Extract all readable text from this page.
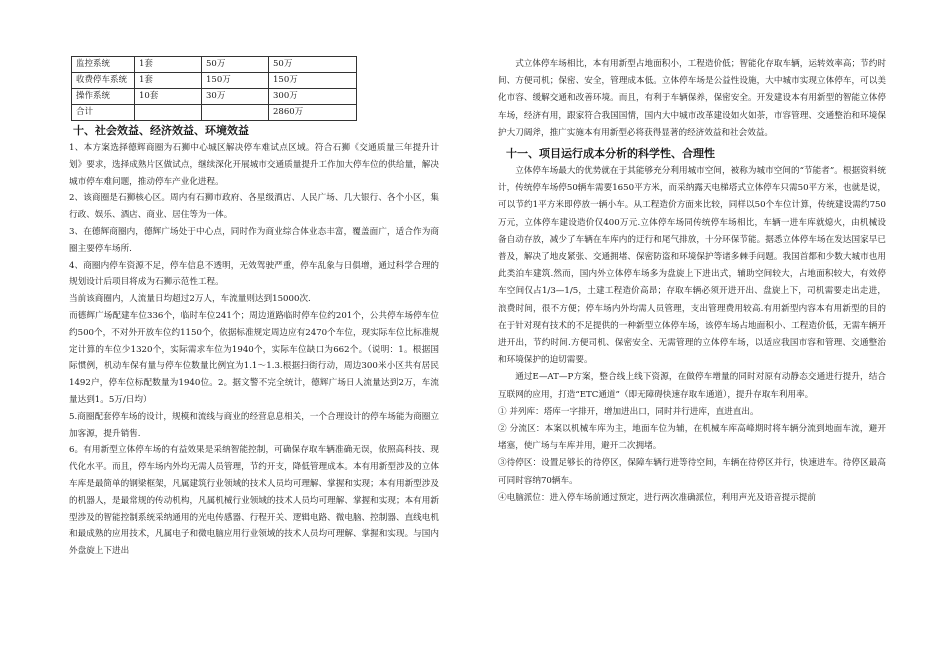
监控系统	1套	50万	50万
收费停车系统	1套	150万	150万
操作系统	10套	30万	300万
合计			2860万
十、社会效益、经济效益、环境效益

1、本方案选择德辉商圈为石狮中心城区解决停车难试点区域。符合石狮《交通质量三年提升计划》要求，选择成熟片区做试点，继续深化开展城市交通质量提升工作加大停车位的供给量，解决城市停车难问题，推动停车产业化进程。

2、该商圈是石狮核心区。周内有石狮市政府、各星级酒店、人民广场、几大银行、各个小区，集行政、娱乐、酒店、商业、居住等为一体。

3、在德辉商圈内，德辉广场处于中心点，同时作为商业综合体业态丰富，覆盖面广，适合作为商圈主要停车场所.

4、商圈内停车资源不足，停车信息不透明，无效驾驶严重，停车乱象与日俱增，通过科学合理的规划设计后项目将成为石狮示范性工程。

当前该商圈内，人流量日均超过2万人，车流量则达到15000次.

而德辉广场配建车位336个，临时车位241个；周边道路临时停车位约201个，公共停车场停车位约500个，不对外开放车位约1150个，依据标准规定周边应有2470个车位，现实际车位比标准规定计算的车位少1320个，实际需求车位为1940个，实际车位缺口为662个。（说明：1。根据国际惯例，机动车保有量与停车位数量比例宜为1.1～1.3.根据扫街行动，周边300米小区共有居民1492户，停车位标配数量为1940位。2。据文警不完全统计，德辉广场日人流量达到2万，车流量达到1。5万/日均）

5.商圈配套停车场的设计，规模和流线与商业的经营息息相关，一个合理设计的停车场能为商圈立加客源，提升销售.

6。有用新型立体停车场的有益效果是采纳智能控制，可确保存取车辆准确无误，依照高科技、现代化水平。而且，停车场内外均无需人员管理，节约开支，降低管理成本。本有用新型涉及的立体车库是最简单的钢梁框架，凡属建筑行业领域的技术人员均可理解、掌握和实现；本有用新型涉及的机器人，是最常规的传动机构，凡属机械行业领域的技术人员均可理解、掌握和实现；本有用新型涉及的智能控制系统采纳通用的光电传感器、行程开关、逻辑电路、微电脑、控制器、直线电机和最成熟的应用技术，凡属电子和微电脑应用行业领域的技术人员均可理解、掌握和实现。与国内外盘旋上下进出

式立体停车场相比，本有用新型占地面积小，工程造价低；智能化存取车辆，运转效率高；节约时间、方便司机；保密、安全，管理成本低。立体停车场是公益性设施，大中城市实现立体停车，可以美化市容、缓解交通和改善环境。而且，有利于车辆保养，保密安全。开发建设本有用新型的智能立体停车场，经济有用，跟家符合我国国情，国内大中城市改革建设如火如荼，市容管理、交通整治和环境保护大刀阔斧，推广实施本有用新型必将获得显著的经济效益和社会效益。

十一、项目运行成本分析的科学性、合理性

立体停车场最大的优势就在于其能够充分利用城市空间，被称为城市空间的“节能者”。根据资料统计，传统停车场停50辆车需要1650平方米，而采纳露天电梯塔式立体停车只需50平方米，也就是说，可以节约1平方米即停放一辆小车。从工程造价方面来比较，同样以50个车位计算，传统建设需约750万元，立体停车建设造价仅400万元.立体停车场同传统停车场相比，车辆一进车库就熄火，由机械设备自动存放，减少了车辆在车库内的迂行和尾气排放，十分环保节能。据悉立体停车场在发达国家早已普及，解决了地皮紧张、交通拥堵、保密防盗和环境保护等诸多棘手问题。我国首都和少数大城市也用此类泊车建筑.然而，国内外立体停车场多为盘旋上下进出式，辅助空间较大，占地面积较大，有效停车空间仅占1/3—1/5，土建工程造价高昂；存取车辆必须开进开出、盘旋上下，司机需要走出走进，浪费时间，很不方便；停车场内外均需人员管理，支出管理费用较高.有用新型内容本有用新型的目的在于针对现有技术的不足提供的一种新型立体停车场，该停车场占地面积小、工程造价低，无需车辆开进开出，节约时间.方便司机、保密安全、无需管理的立体停车场，以适应我国市容和管理、交通整治和环境保护的迫切需要。

通过E—AT—P方案，整合线上线下资源，在做停车增量的同时对原有动静态交通进行提升，结合互联网的应用，打造“ETC通道”（即无障碍快速存取车通道），提升存取车利用率。

① 并列库：塔库一字排开，增加进出口，同时并行进库，直进直出。

② 分流区：本案以机械车库为主，地面车位为辅，在机械车库高峰期时将车辆分流到地面车流，避开堵塞，使广场与车库并用，避开二次拥堵。

③待停区：设置足够长的待停区，保障车辆行进等待空间，车辆在待停区并行，快速进车。待停区最高可同时容纳70辆车。

④电脑派位：进入停车场前通过预定，进行两次准确派位，利用声光及语音提示提前
